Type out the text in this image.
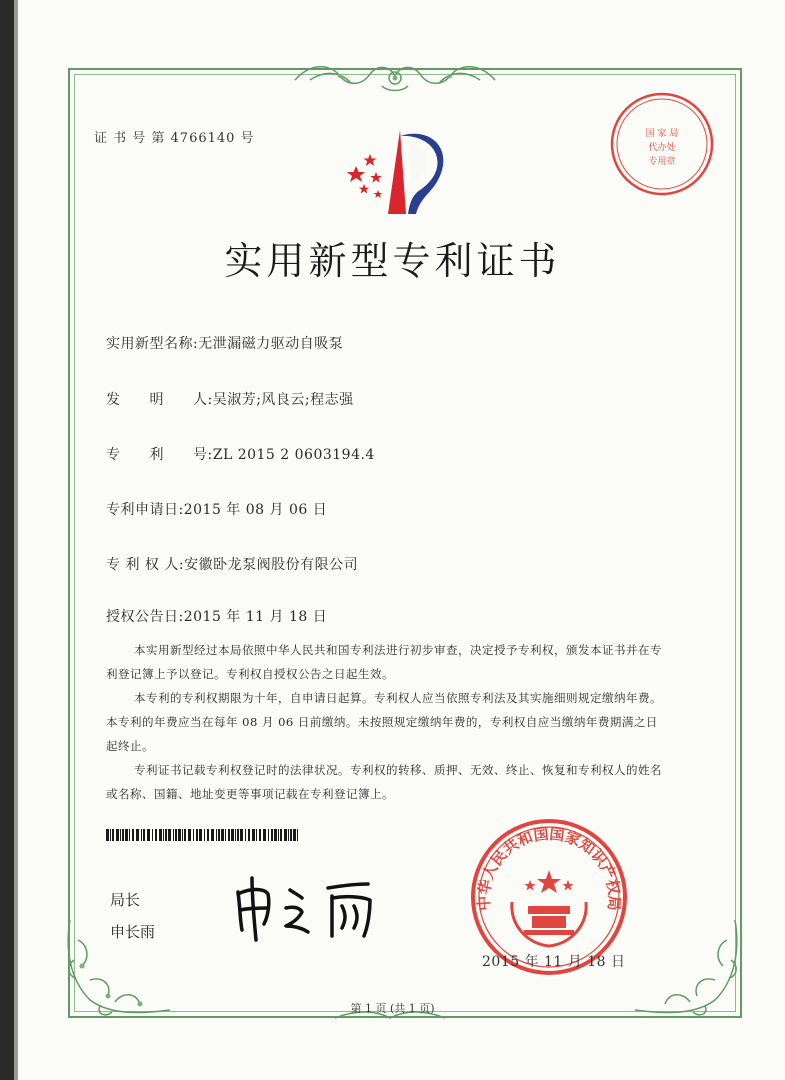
证 书 号 第 4766140 号	国 家 局
代办处
专用章
实用新型专利证书
实用新型名称:无泄漏磁力驱动自吸泵
发　　明　　人:吴淑芳;风良云;程志强
专　　利　　号:ZL 2015 2 0603194.4
专利申请日:2015 年 08 月 06 日
专 利 权 人:安徽卧龙泵阀股份有限公司
授权公告日:2015 年 11 月 18 日
本实用新型经过本局依照中华人民共和国专利法进行初步审查，决定授予专利权，颁发本证书并在专利登记簿上予以登记。专利权自授权公告之日起生效。
本专利的专利权期限为十年，自申请日起算。专利权人应当依照专利法及其实施细则规定缴纳年费。本专利的年费应当在每年 08 月 06 日前缴纳。未按照规定缴纳年费的，专利权自应当缴纳年费期满之日起终止。
专利证书记载专利权登记时的法律状况。专利权的转移、质押、无效、终止、恢复和专利权人的姓名或名称、国籍、地址变更等事项记载在专利登记簿上。
局长
申长雨
中华人民共和国国家知识产权局
2015 年 11 月 18 日
第 1 页 (共 1 页)
